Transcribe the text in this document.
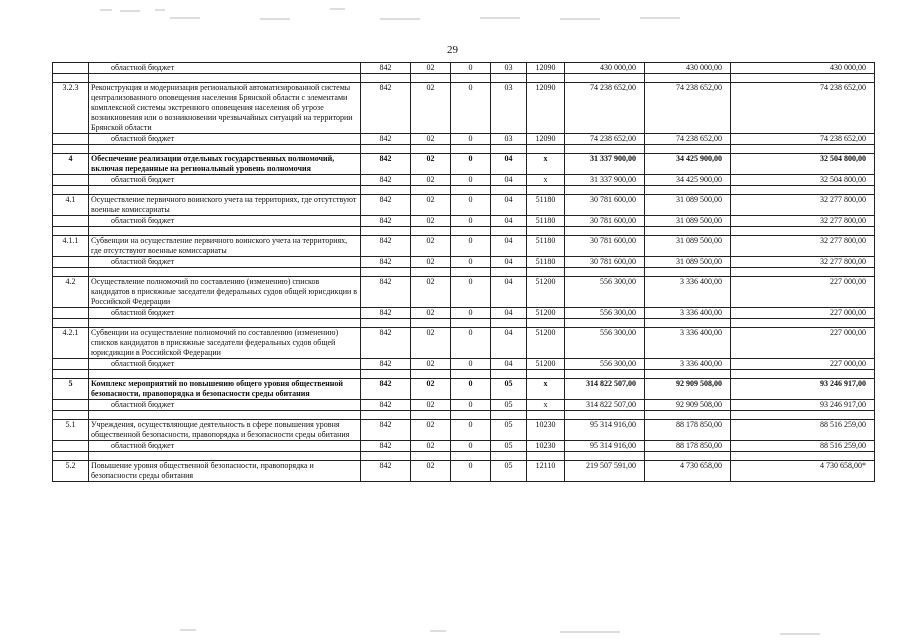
29
	областной бюджет	842	02	0	03	12090	430 000,00	430 000,00	430 000,00

3.2.3	Реконструкция и модернизация региональной автоматизированной системы централизованного оповещения населения Брянской области с элементами комплексной системы экстренного оповещения населения об угрозе возникновения или о возникновении чрезвычайных ситуаций на территории Брянской области	842	02	0	03	12090	74 238 652,00	74 238 652,00	74 238 652,00
	областной бюджет	842	02	0	03	12090	74 238 652,00	74 238 652,00	74 238 652,00

4	Обеспечение реализации отдельных государственных полномочий, включая переданные на региональный уровень полномочия	842	02	0	04	x	31 337 900,00	34 425 900,00	32 504 800,00
	областной бюджет	842	02	0	04	x	31 337 900,00	34 425 900,00	32 504 800,00

4.1	Осуществление первичного воинского учета на территориях, где отсутствуют военные комиссариаты	842	02	0	04	51180	30 781 600,00	31 089 500,00	32 277 800,00
	областной бюджет	842	02	0	04	51180	30 781 600,00	31 089 500,00	32 277 800,00

4.1.1	Субвенции на осуществление первичного воинского учета на территориях, где отсутствуют военные комиссариаты	842	02	0	04	51180	30 781 600,00	31 089 500,00	32 277 800,00
	областной бюджет	842	02	0	04	51180	30 781 600,00	31 089 500,00	32 277 800,00

4.2	Осуществление полномочий по составлению (изменению) списков кандидатов в присяжные заседатели федеральных судов общей юрисдикции в Российской Федерации	842	02	0	04	51200	556 300,00	3 336 400,00	227 000,00
	областной бюджет	842	02	0	04	51200	556 300,00	3 336 400,00	227 000,00

4.2.1	Субвенции на осуществление полномочий по составлению (изменению) списков кандидатов в присяжные заседатели федеральных судов общей юрисдикции в Российской Федерации	842	02	0	04	51200	556 300,00	3 336 400,00	227 000,00
	областной бюджет	842	02	0	04	51200	556 300,00	3 336 400,00	227 000,00

5	Комплекс мероприятий по повышению общего уровня общественной безопасности, правопорядка и безопасности среды обитания	842	02	0	05	x	314 822 507,00	92 909 508,00	93 246 917,00
	областной бюджет	842	02	0	05	x	314 822 507,00	92 909 508,00	93 246 917,00

5.1	Учреждения, осуществляющие деятельность в сфере повышения уровня общественной безопасности, правопорядка и безопасности среды обитания	842	02	0	05	10230	95 314 916,00	88 178 850,00	88 516 259,00
	областной бюджет	842	02	0	05	10230	95 314 916,00	88 178 850,00	88 516 259,00

5.2	Повышение уровня общественной безопасности, правопорядка и безопасности среды обитания	842	02	0	05	12110	219 507 591,00	4 730 658,00	4 730 658,00*
